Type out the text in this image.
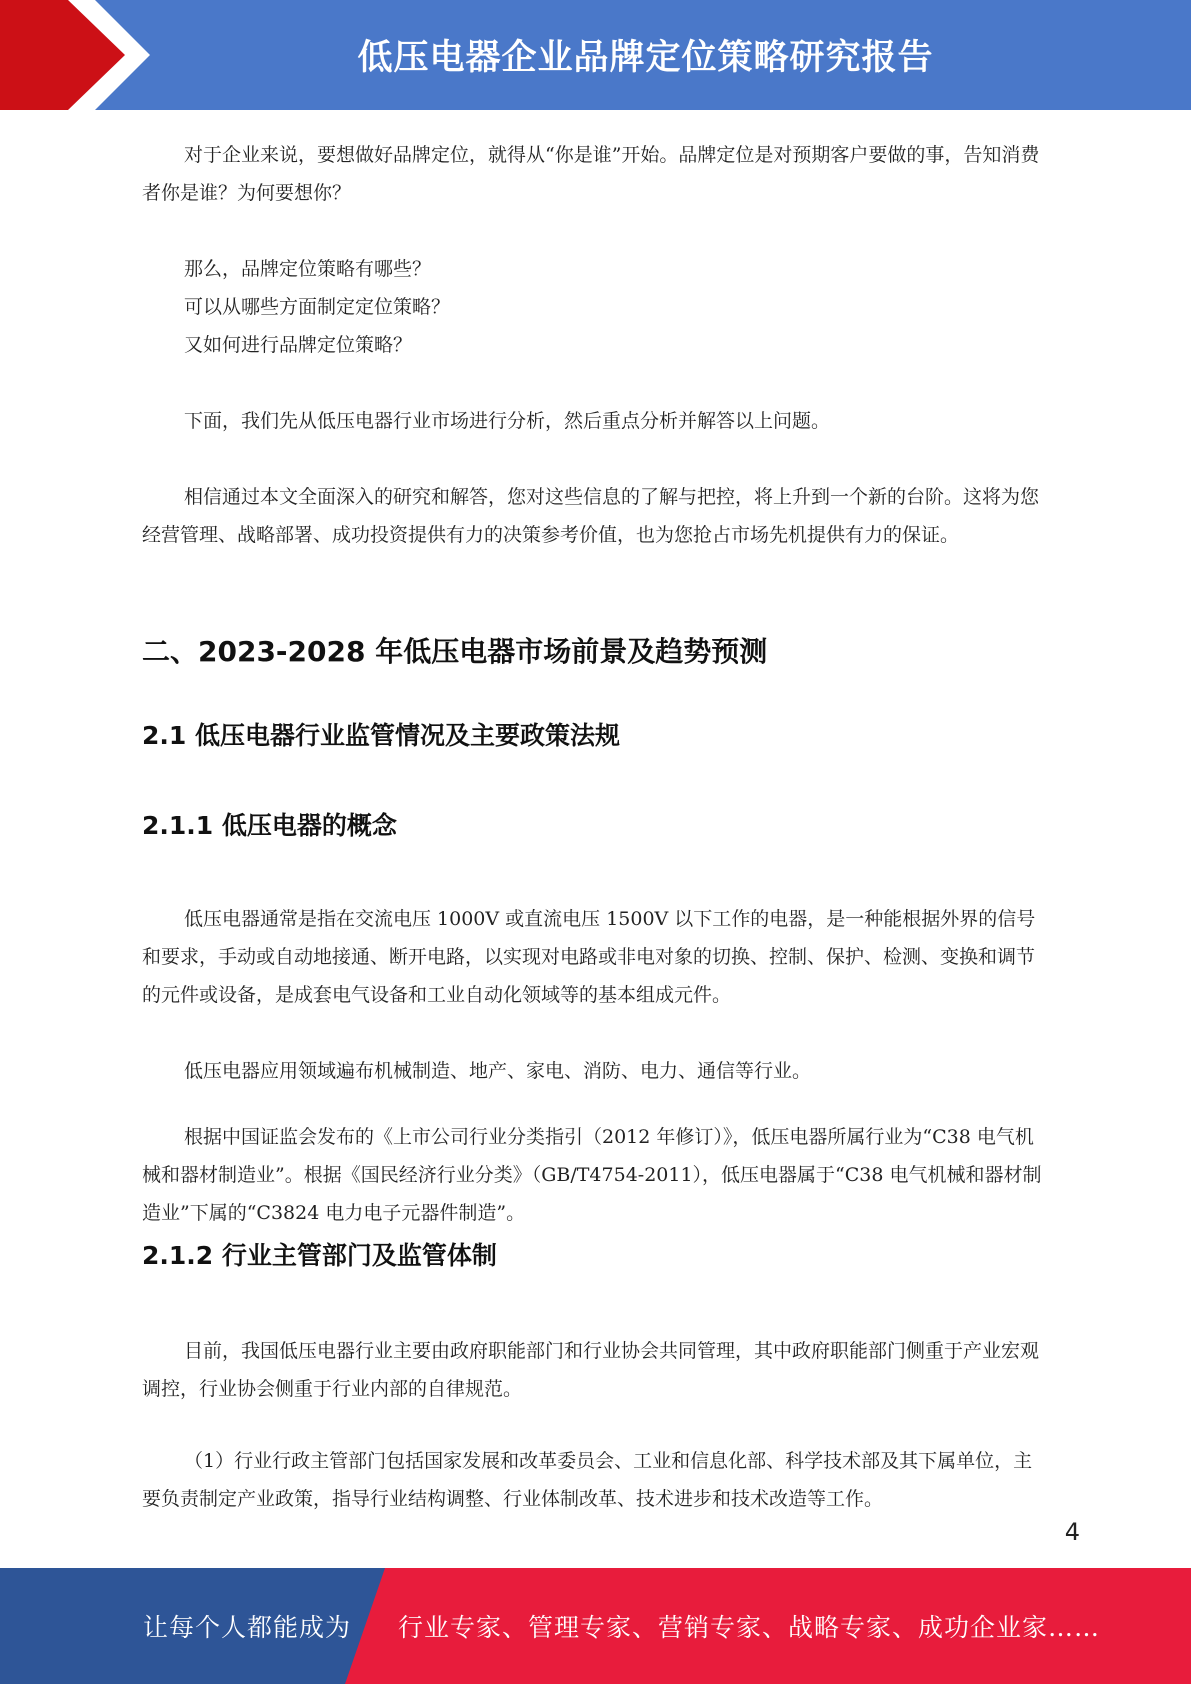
低压电器企业品牌定位策略研究报告

对于企业来说，要想做好品牌定位，就得从“你是谁”开始。品牌定位是对预期客户要做的事，告知消费者你是谁？为何要想你？

那么，品牌定位策略有哪些？

可以从哪些方面制定定位策略？

又如何进行品牌定位策略？

下面，我们先从低压电器行业市场进行分析，然后重点分析并解答以上问题。

相信通过本文全面深入的研究和解答，您对这些信息的了解与把控，将上升到一个新的台阶。这将为您经营管理、战略部署、成功投资提供有力的决策参考价值，也为您抢占市场先机提供有力的保证。

二、2023-2028 年低压电器市场前景及趋势预测
2.1 低压电器行业监管情况及主要政策法规
2.1.1 低压电器的概念

低压电器通常是指在交流电压 1000V 或直流电压 1500V 以下工作的电器，是一种能根据外界的信号和要求，手动或自动地接通、断开电路，以实现对电路或非电对象的切换、控制、保护、检测、变换和调节的元件或设备，是成套电气设备和工业自动化领域等的基本组成元件。

低压电器应用领域遍布机械制造、地产、家电、消防、电力、通信等行业。

根据中国证监会发布的《上市公司行业分类指引（2012 年修订）》，低压电器所属行业为“C38 电气机械和器材制造业”。根据《国民经济行业分类》（GB/T4754-2011），低压电器属于“C38 电气机械和器材制造业”下属的“C3824 电力电子元器件制造”。

2.1.2 行业主管部门及监管体制

目前，我国低压电器行业主要由政府职能部门和行业协会共同管理，其中政府职能部门侧重于产业宏观调控，行业协会侧重于行业内部的自律规范。

（1）行业行政主管部门包括国家发展和改革委员会、工业和信息化部、科学技术部及其下属单位，主要负责制定产业政策，指导行业结构调整、行业体制改革、技术进步和技术改造等工作。

4
让每个人都能成为 行业专家、管理专家、营销专家、战略专家、成功企业家……
